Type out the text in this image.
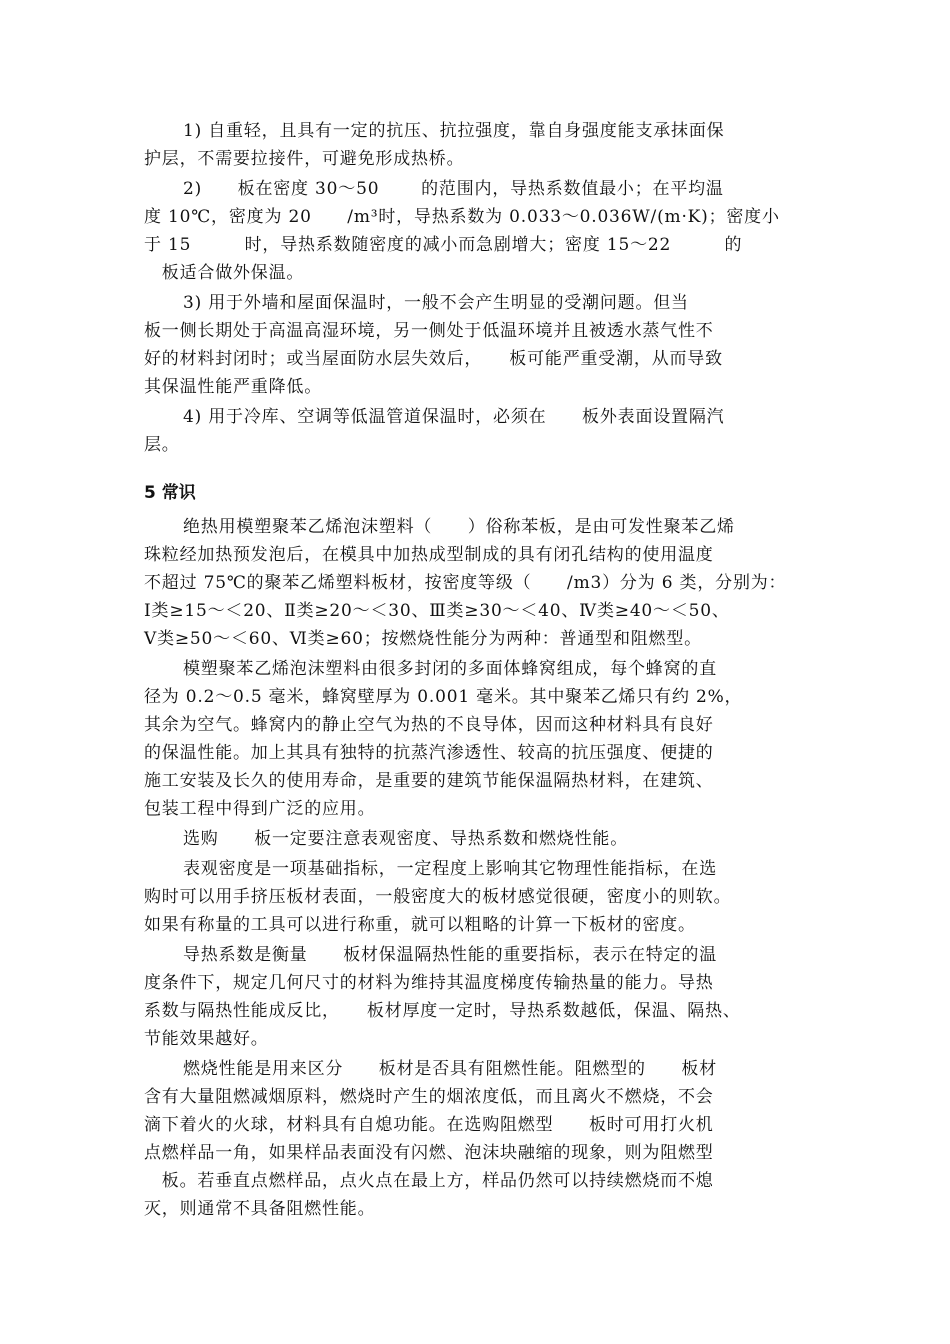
1) 自重轻，且具有一定的抗压、抗拉强度，靠自身强度能支承抹面保
护层，不需要拉接件，可避免形成热桥。
2)　　板在密度 30～50　　 的范围内，导热系数值最小；在平均温
度 10℃，密度为 20　　/m³时，导热系数为 0.033～0.036W/(m·K)；密度小
于 15　　　时，导热系数随密度的减小而急剧增大；密度 15～22　　　的
　板适合做外保温。
3) 用于外墙和屋面保温时，一般不会产生明显的受潮问题。但当
板一侧长期处于高温高湿环境，另一侧处于低温环境并且被透水蒸气性不
好的材料封闭时；或当屋面防水层失效后，　　板可能严重受潮，从而导致
其保温性能严重降低。
4) 用于冷库、空调等低温管道保温时，必须在　　板外表面设置隔汽
层。
5 常识
绝热用模塑聚苯乙烯泡沫塑料（　　）俗称苯板，是由可发性聚苯乙烯
珠粒经加热预发泡后，在模具中加热成型制成的具有闭孔结构的使用温度
不超过 75℃的聚苯乙烯塑料板材，按密度等级（　　/m3）分为 6 类，分别为：
Ⅰ类≥15～＜20、Ⅱ类≥20～＜30、Ⅲ类≥30～＜40、Ⅳ类≥40～＜50、
Ⅴ类≥50～＜60、Ⅵ类≥60；按燃烧性能分为两种：普通型和阻燃型。
模塑聚苯乙烯泡沫塑料由很多封闭的多面体蜂窝组成，每个蜂窝的直
径为 0.2～0.5 毫米，蜂窝壁厚为 0.001 毫米。其中聚苯乙烯只有约 2%，
其余为空气。蜂窝内的静止空气为热的不良导体，因而这种材料具有良好
的保温性能。加上其具有独特的抗蒸汽渗透性、较高的抗压强度、便捷的
施工安装及长久的使用寿命，是重要的建筑节能保温隔热材料，在建筑、
包装工程中得到广泛的应用。
选购　　板一定要注意表观密度、导热系数和燃烧性能。
表观密度是一项基础指标，一定程度上影响其它物理性能指标，在选
购时可以用手挤压板材表面，一般密度大的板材感觉很硬，密度小的则软。
如果有称量的工具可以进行称重，就可以粗略的计算一下板材的密度。
导热系数是衡量　　板材保温隔热性能的重要指标，表示在特定的温
度条件下，规定几何尺寸的材料为维持其温度梯度传输热量的能力。导热
系数与隔热性能成反比，　　板材厚度一定时，导热系数越低，保温、隔热、
节能效果越好。
燃烧性能是用来区分　　板材是否具有阻燃性能。阻燃型的　　板材
含有大量阻燃减烟原料，燃烧时产生的烟浓度低，而且离火不燃烧，不会
滴下着火的火球，材料具有自熄功能。在选购阻燃型　　板时可用打火机
点燃样品一角，如果样品表面没有闪燃、泡沫块融缩的现象，则为阻燃型
　板。若垂直点燃样品，点火点在最上方，样品仍然可以持续燃烧而不熄
灭，则通常不具备阻燃性能。
